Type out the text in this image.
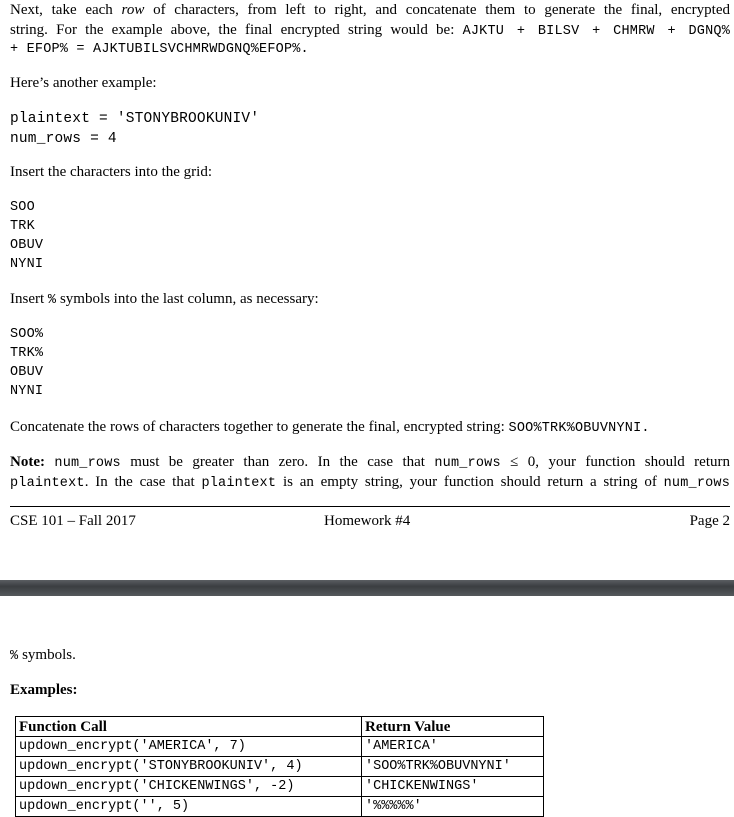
Next, take each row of characters, from left to right, and concatenate them to generate the final, encrypted
string. For the example above, the final encrypted string would be: AJKTU + BILSV + CHMRW + DGNQ%
+ EFOP% = AJKTUBILSVCHMRWDGNQ%EFOP%.
Here’s another example:
plaintext = 'STONYBROOKUNIV'
num_rows = 4
Insert the characters into the grid:
SOO
TRK
OBUV
NYNI
Insert % symbols into the last column, as necessary:
SOO%
TRK%
OBUV
NYNI
Concatenate the rows of characters together to generate the final, encrypted string: SOO%TRK%OBUVNYNI.
Note: num_rows must be greater than zero. In the case that num_rows ≤ 0, your function should return
plaintext. In the case that plaintext is an empty string, your function should return a string of num_rows
CSE 101 – Fall 2017	Homework #4	Page 2
% symbols.
Examples:
Function Call	Return Value
updown_encrypt('AMERICA', 7)	'AMERICA'
updown_encrypt('STONYBROOKUNIV', 4)	'SOO%TRK%OBUVNYNI'
updown_encrypt('CHICKENWINGS', -2)	'CHICKENWINGS'
updown_encrypt('', 5)	'%%%%%'
